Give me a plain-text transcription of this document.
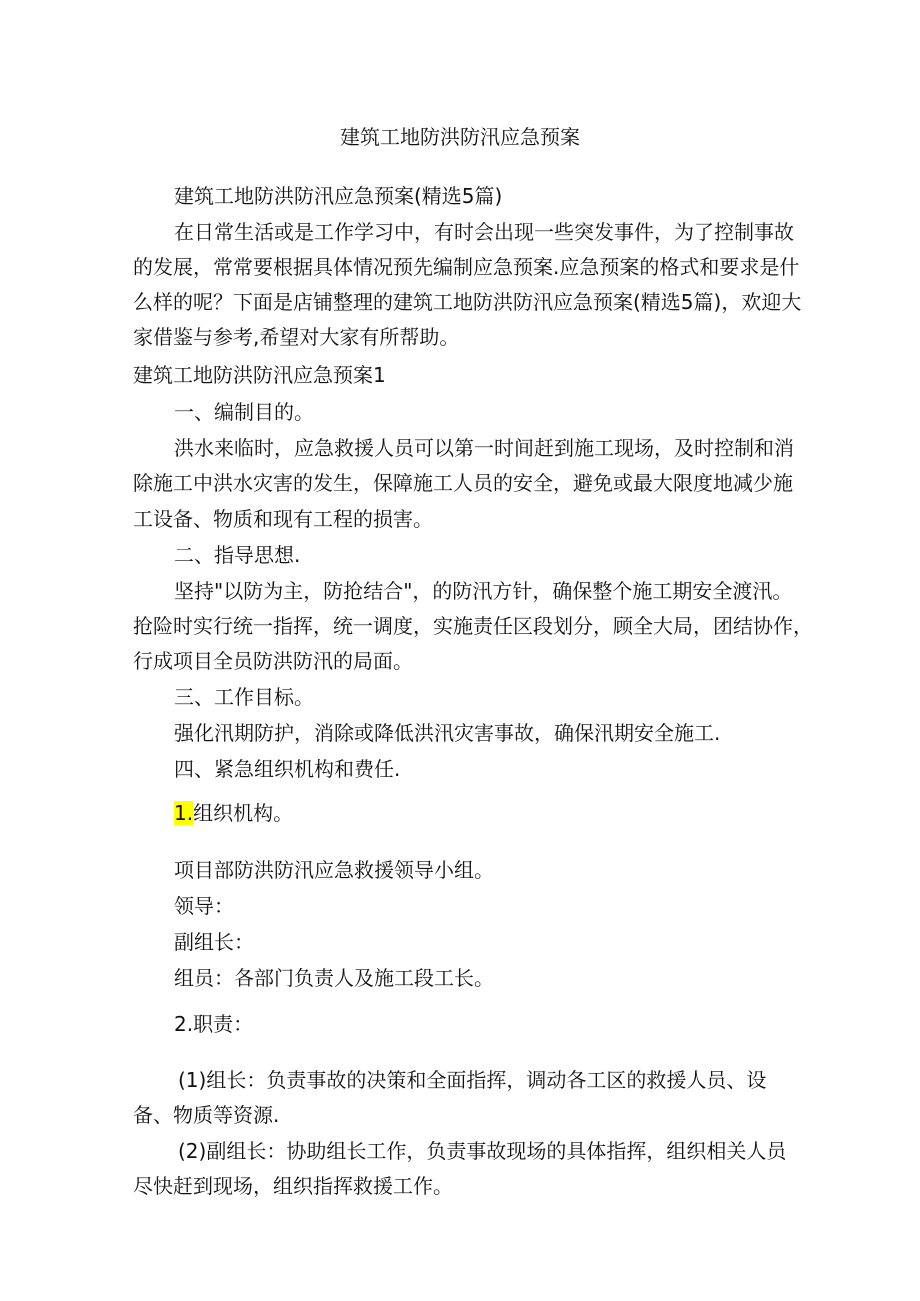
建筑工地防洪防汛应急预案
建筑工地防洪防汛应急预案(精选5篇)
在日常生活或是工作学习中，有时会出现一些突发事件，为了控制事故
的发展，常常要根据具体情况预先编制应急预案.应急预案的格式和要求是什
么样的呢？下面是店铺整理的建筑工地防洪防汛应急预案(精选5篇)，欢迎大
家借鉴与参考,希望对大家有所帮助。
建筑工地防洪防汛应急预案1
一、编制目的。
洪水来临时，应急救援人员可以第一时间赶到施工现场，及时控制和消
除施工中洪水灾害的发生，保障施工人员的安全，避免或最大限度地减少施
工设备、物质和现有工程的损害。
二、指导思想.
坚持"以防为主，防抢结合"，的防汛方针，确保整个施工期安全渡汛。
抢险时实行统一指挥，统一调度，实施责任区段划分，顾全大局，团结协作，
行成项目全员防洪防汛的局面。
三、工作目标。
强化汛期防护，消除或降低洪汛灾害事故，确保汛期安全施工.
四、紧急组织机构和费任.
1.组织机构。
项目部防洪防汛应急救援领导小组。
领导：
副组长：
组员：各部门负责人及施工段工长。
2.职责：
(1)组长：负责事故的决策和全面指挥，调动各工区的救援人员、设
备、物质等资源.
(2)副组长：协助组长工作，负责事故现场的具体指挥，组织相关人员
尽快赶到现场，组织指挥救援工作。
